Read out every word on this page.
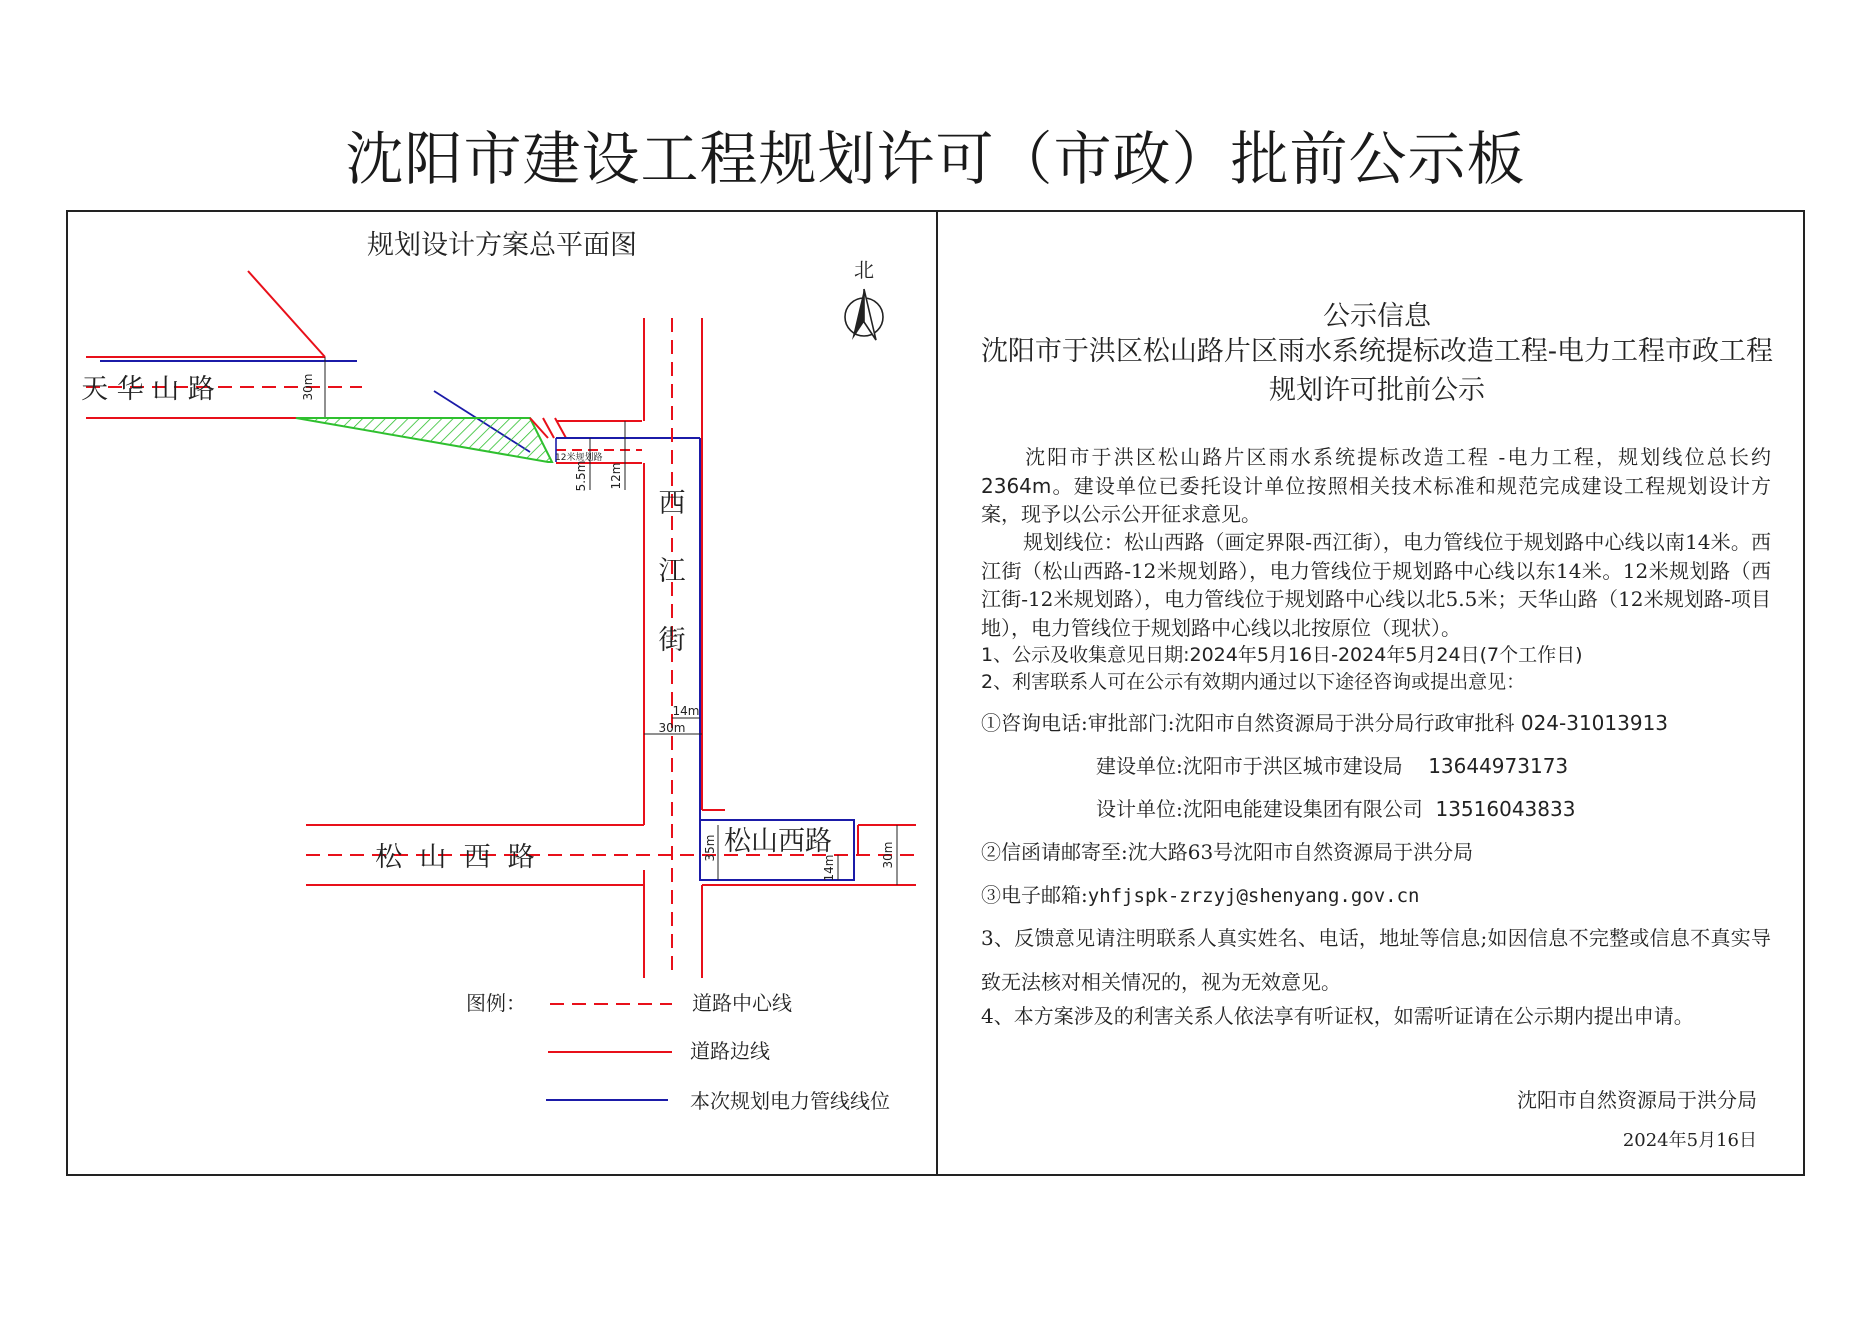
沈阳市建设工程规划许可（市政）批前公示板
规划设计方案总平面图
北
天 华 山 路	30m
12米规划路
5.5m 12m
西
江
街
14m
30m
松  山  西  路
松山西路
35m
14m	30m
图例：	道路中心线
道路边线
本次规划电力管线线位
公示信息
沈阳市于洪区松山路片区雨水系统提标改造工程-电力工程市政工程规划许可批前公示
沈阳市于洪区松山路片区雨水系统提标改造工程 -电力工程，规划线位总长约2364m。建设单位已委托设计单位按照相关技术标准和规范完成建设工程规划设计方案，现予以公示公开征求意见。
规划线位：松山西路（画定界限-西江街），电力管线位于规划路中心线以南14米。西江街（松山西路-12米规划路），电力管线位于规划路中心线以东14米。12米规划路（西江街-12米规划路），电力管线位于规划路中心线以北5.5米；天华山路（12米规划路-项目地），电力管线位于规划路中心线以北按原位（现状）。
1、公示及收集意见日期:2024年5月16日-2024年5月24日(7个工作日)
2、利害联系人可在公示有效期内通过以下途径咨询或提出意见：
①咨询电话:审批部门:沈阳市自然资源局于洪分局行政审批科 024-31013913
建设单位:沈阳市于洪区城市建设局 13644973173
设计单位:沈阳电能建设集团有限公司 13516043833
②信函请邮寄至:沈大路63号沈阳市自然资源局于洪分局
③电子邮箱:yhfjspk-zrzyj@shenyang.gov.cn
3、反馈意见请注明联系人真实姓名、电话，地址等信息;如因信息不完整或信息不真实导致无法核对相关情况的，视为无效意见。
4、本方案涉及的利害关系人依法享有听证权，如需听证请在公示期内提出申请。
沈阳市自然资源局于洪分局
2024年5月16日
